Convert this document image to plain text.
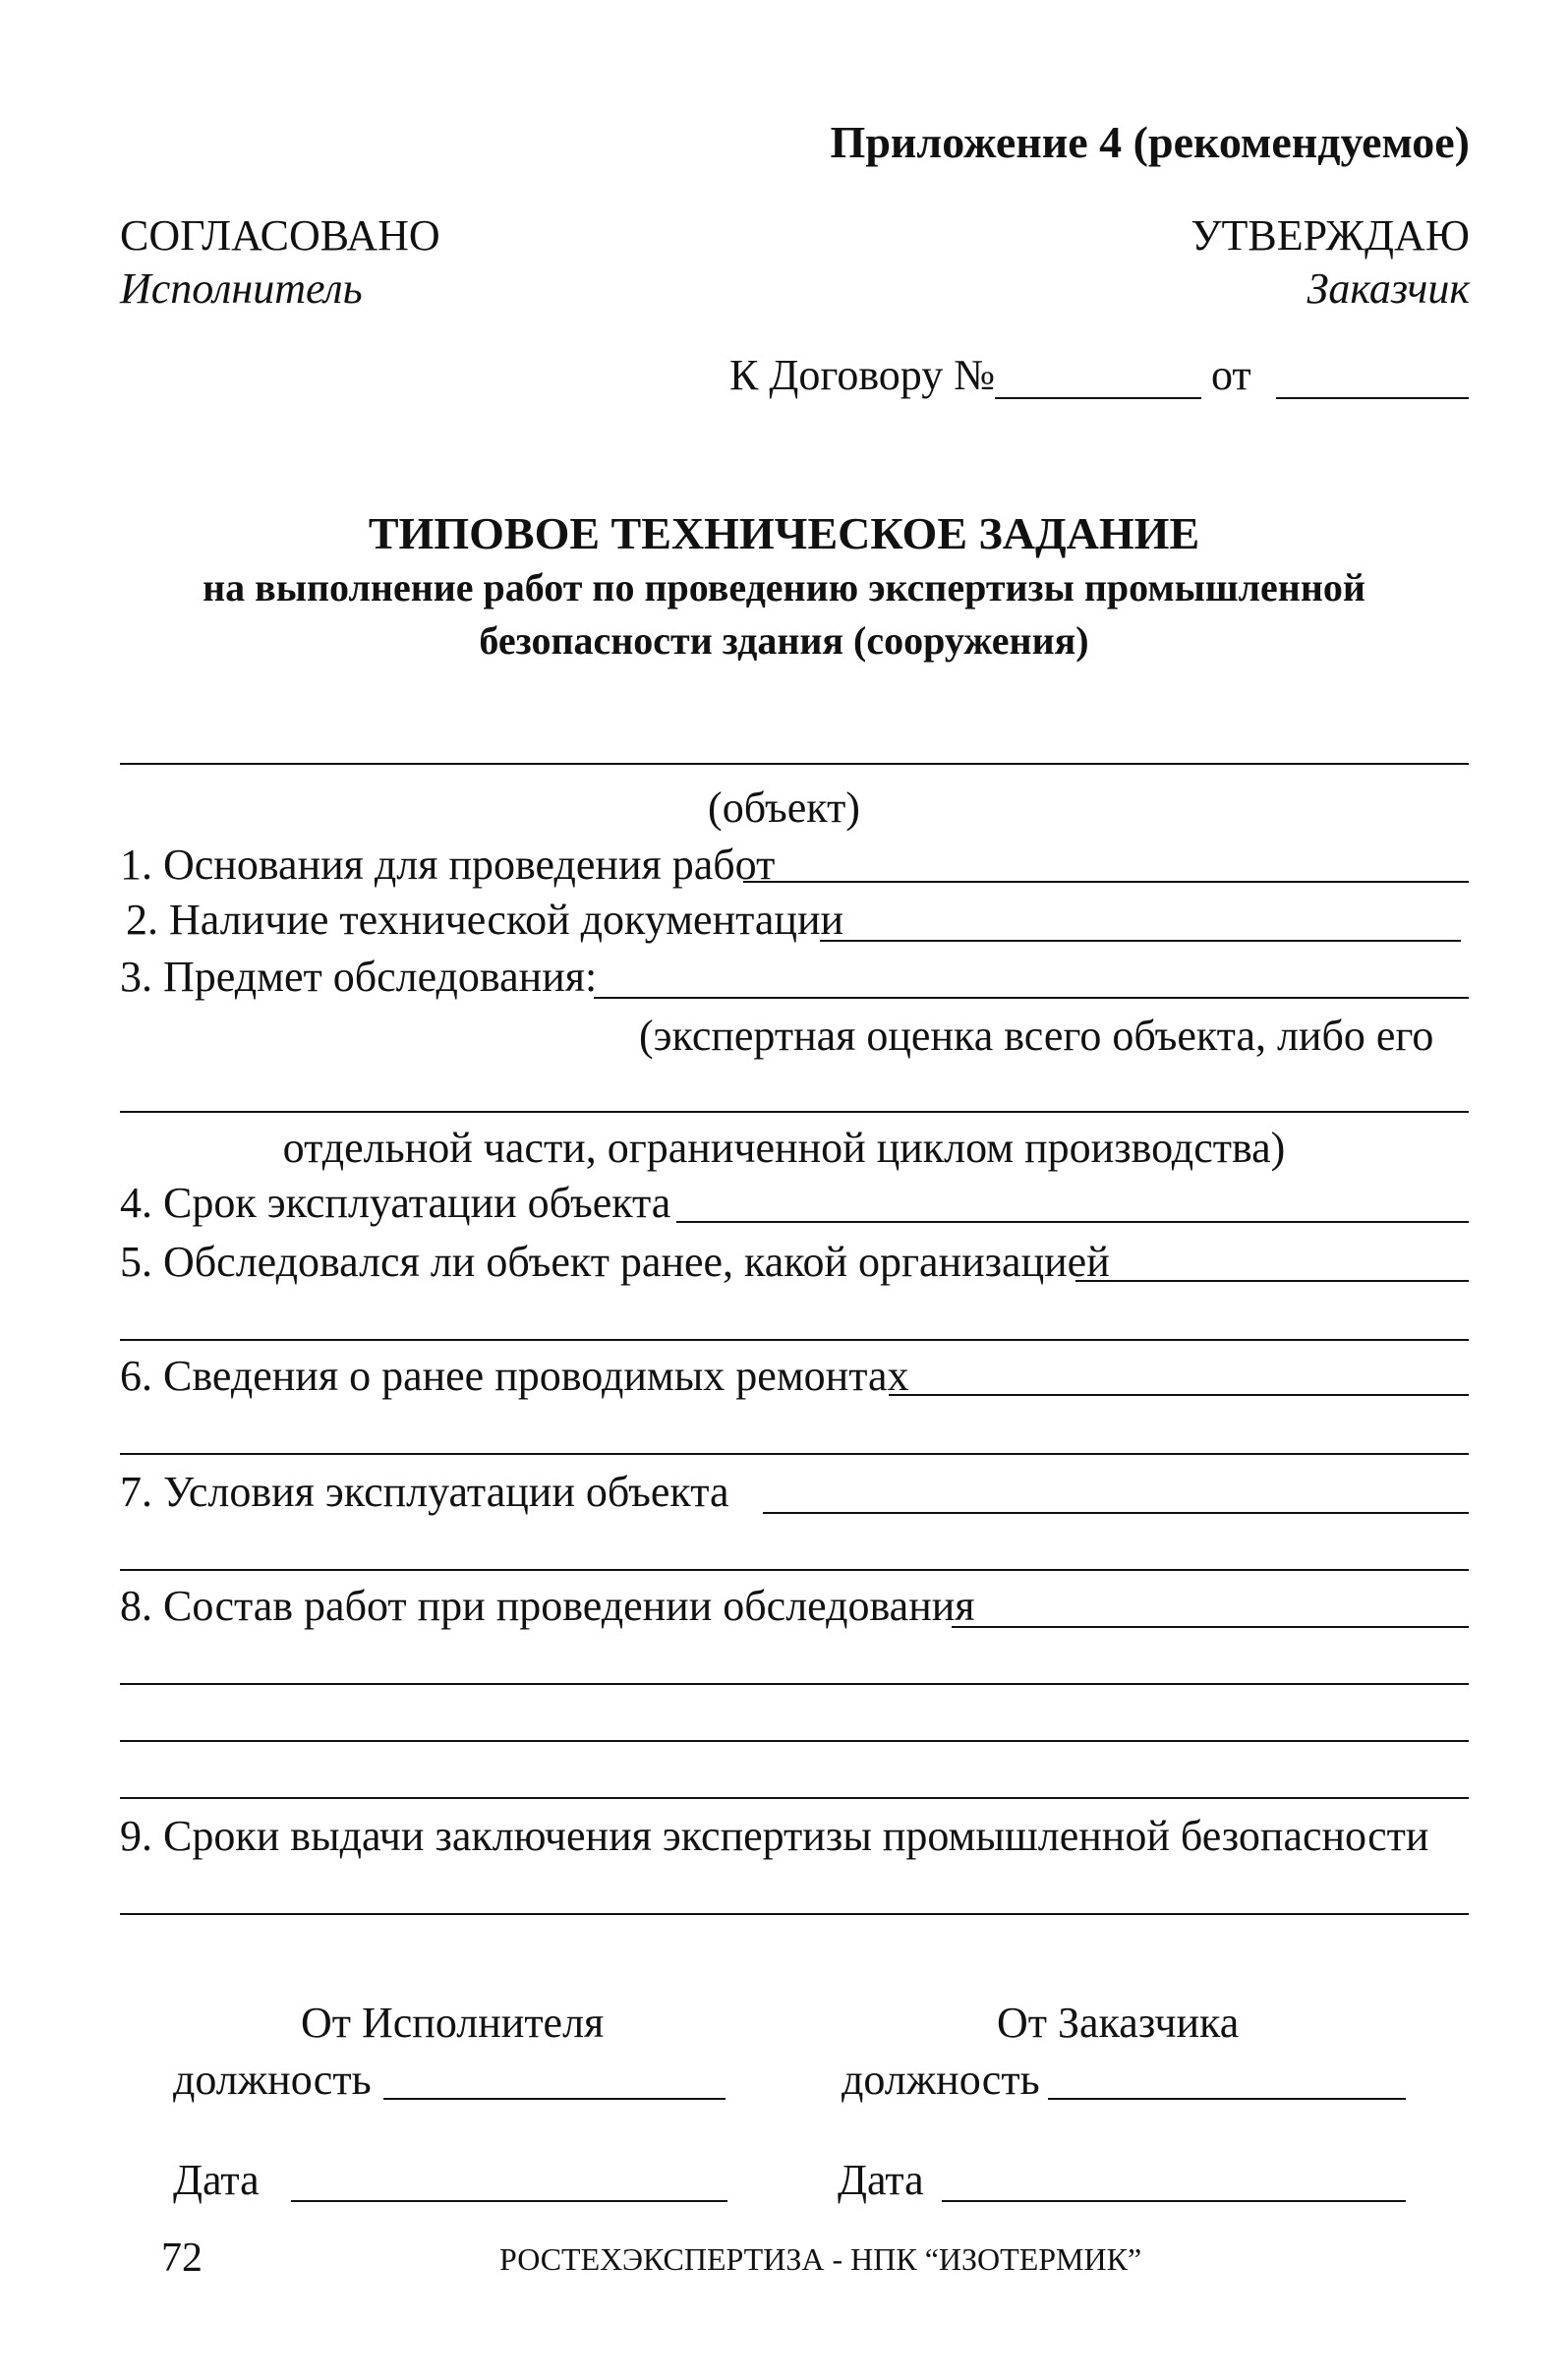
Приложение 4 (рекомендуемое)
СОГЛАСОВАНО
Исполнитель
УТВЕРЖДАЮ
Заказчик
К Договору №	от
ТИПОВОЕ ТЕХНИЧЕСКОЕ ЗАДАНИЕ
на выполнение работ по проведению экспертизы промышленной
безопасности здания (сооружения)
(объект)
1. Основания для проведения работ
2. Наличие технической документации
3. Предмет обследования:
(экспертная оценка всего объекта, либо его
отдельной части, ограниченной циклом производства)
4. Срок эксплуатации объекта
5. Обследовался ли объект ранее, какой организацией
6. Сведения о ранее проводимых ремонтах
7. Условия эксплуатации объекта
8. Состав работ при проведении обследования
9. Сроки выдачи заключения экспертизы промышленной безопасности
От Исполнителя	От Заказчика
должность	должность
Дата	Дата
72	РОСТЕХЭКСПЕРТИЗА - НПК “ИЗОТЕРМИК”
